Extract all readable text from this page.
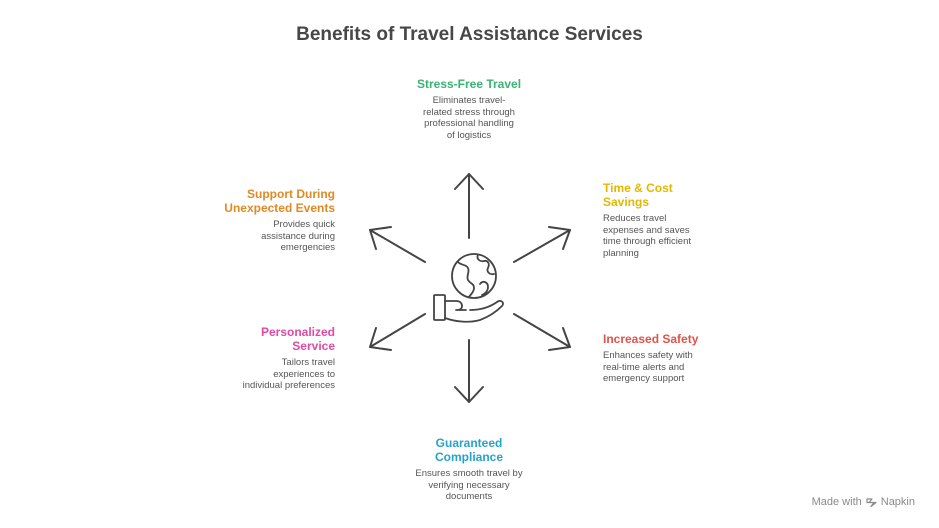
Benefits of Travel Assistance Services
Stress-Free Travel
Eliminates travel-
related stress through
professional handling
of logistics
Time & Cost
Savings
Reduces travel
expenses and saves
time through efficient
planning
Increased Safety
Enhances safety with
real-time alerts and
emergency support
Guaranteed
Compliance
Ensures smooth travel by
verifying necessary
documents
Personalized
Service
Tailors travel
experiences to
individual preferences
Support During
Unexpected Events
Provides quick
assistance during
emergencies
Made with Napkin
